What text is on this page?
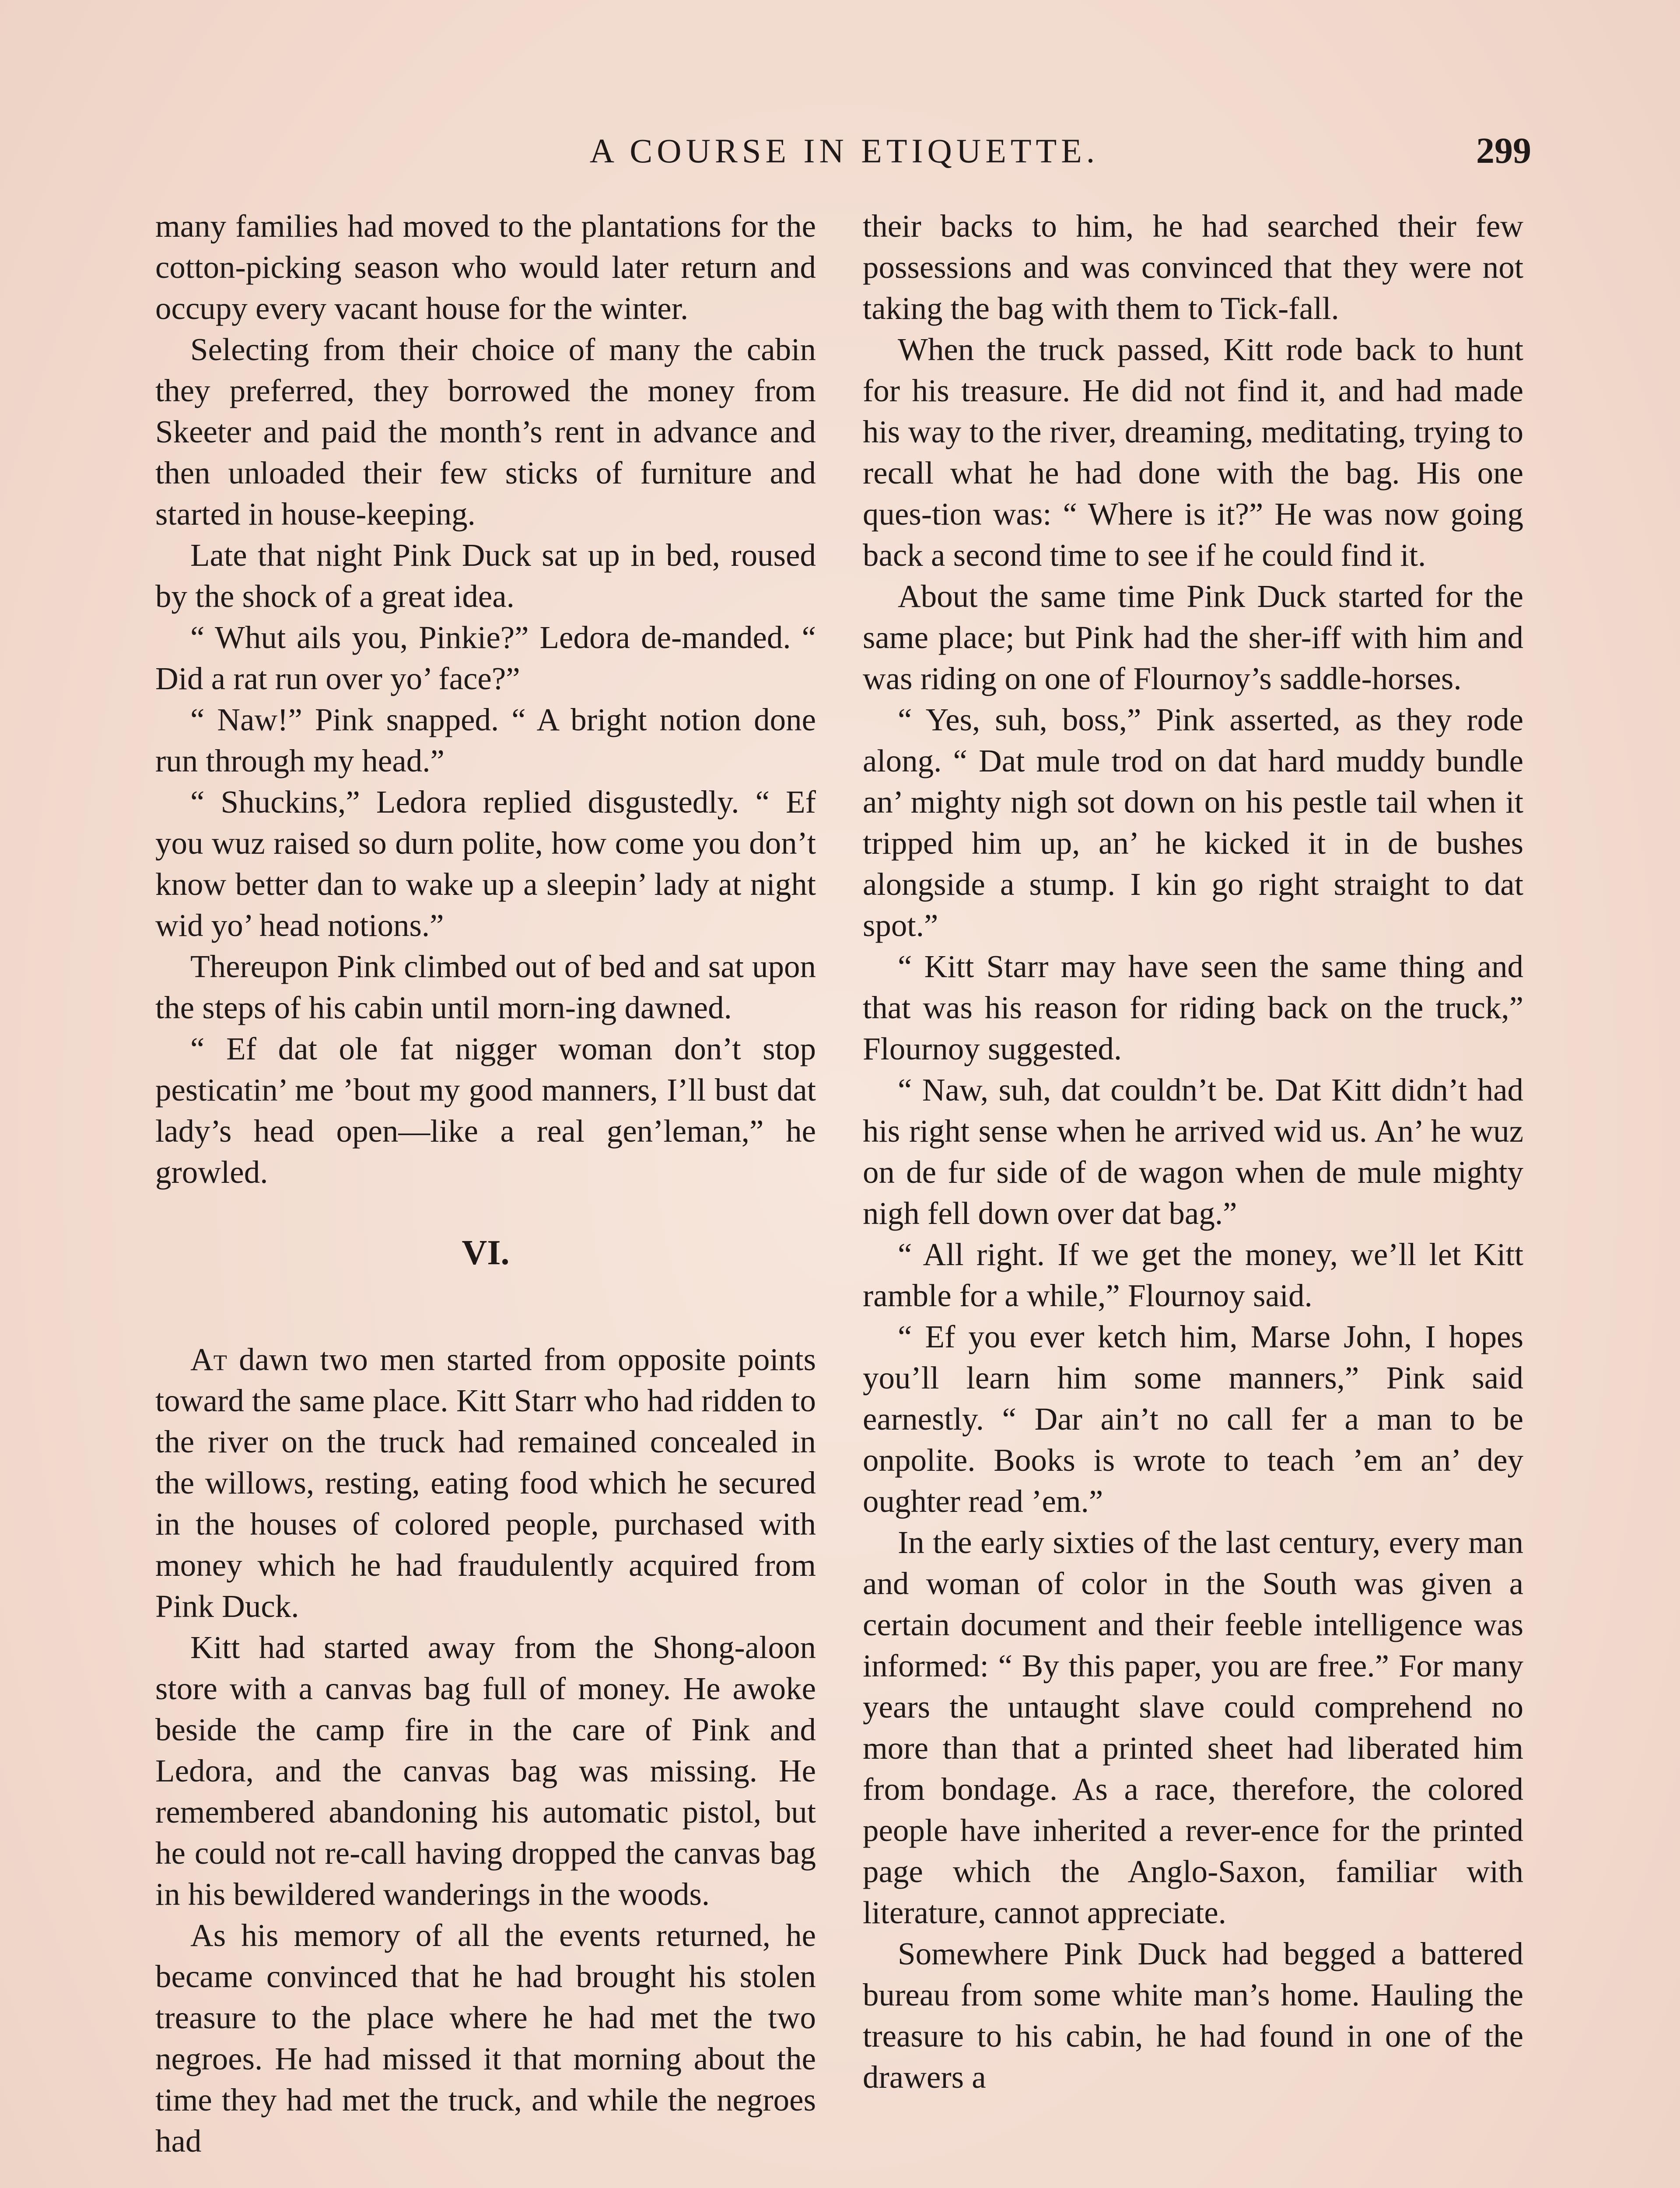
A COURSE IN ETIQUETTE.	299

many families had moved to the plantations for the cotton-picking season who would later return and occupy every vacant house for the winter.

Selecting from their choice of many the cabin they preferred, they borrowed the money from Skeeter and paid the month’s rent in advance and then unloaded their few sticks of furniture and started in house-keeping.

Late that night Pink Duck sat up in bed, roused by the shock of a great idea.

“ Whut ails you, Pinkie?” Ledora de-manded. “ Did a rat run over yo’ face?”

“ Naw!” Pink snapped. “ A bright notion done run through my head.”

“ Shuckins,” Ledora replied disgustedly. “ Ef you wuz raised so durn polite, how come you don’t know better dan to wake up a sleepin’ lady at night wid yo’ head notions.”

Thereupon Pink climbed out of bed and sat upon the steps of his cabin until morn-ing dawned.

“ Ef dat ole fat nigger woman don’t stop pesticatin’ me ’bout my good manners, I’ll bust dat lady’s head open—like a real gen’leman,” he growled.

VI.

At dawn two men started from opposite points toward the same place. Kitt Starr who had ridden to the river on the truck had remained concealed in the willows, resting, eating food which he secured in the houses of colored people, purchased with money which he had fraudulently acquired from Pink Duck.

Kitt had started away from the Shong-aloon store with a canvas bag full of money. He awoke beside the camp fire in the care of Pink and Ledora, and the canvas bag was missing. He remembered abandoning his automatic pistol, but he could not re-call having dropped the canvas bag in his bewildered wanderings in the woods.

As his memory of all the events returned, he became convinced that he had brought his stolen treasure to the place where he had met the two negroes. He had missed it that morning about the time they had met the truck, and while the negroes had

their backs to him, he had searched their few possessions and was convinced that they were not taking the bag with them to Tick-fall.

When the truck passed, Kitt rode back to hunt for his treasure. He did not find it, and had made his way to the river, dreaming, meditating, trying to recall what he had done with the bag. His one ques-tion was: “ Where is it?” He was now going back a second time to see if he could find it.

About the same time Pink Duck started for the same place; but Pink had the sher-iff with him and was riding on one of Flournoy’s saddle-horses.

“ Yes, suh, boss,” Pink asserted, as they rode along. “ Dat mule trod on dat hard muddy bundle an’ mighty nigh sot down on his pestle tail when it tripped him up, an’ he kicked it in de bushes alongside a stump. I kin go right straight to dat spot.”

“ Kitt Starr may have seen the same thing and that was his reason for riding back on the truck,” Flournoy suggested.

“ Naw, suh, dat couldn’t be. Dat Kitt didn’t had his right sense when he arrived wid us. An’ he wuz on de fur side of de wagon when de mule mighty nigh fell down over dat bag.”

“ All right. If we get the money, we’ll let Kitt ramble for a while,” Flournoy said.

“ Ef you ever ketch him, Marse John, I hopes you’ll learn him some manners,” Pink said earnestly. “ Dar ain’t no call fer a man to be onpolite. Books is wrote to teach ’em an’ dey oughter read ’em.”

In the early sixties of the last century, every man and woman of color in the South was given a certain document and their feeble intelligence was informed: “ By this paper, you are free.” For many years the untaught slave could comprehend no more than that a printed sheet had liberated him from bondage. As a race, therefore, the colored people have inherited a rever-ence for the printed page which the Anglo-Saxon, familiar with literature, cannot appreciate.

Somewhere Pink Duck had begged a battered bureau from some white man’s home. Hauling the treasure to his cabin, he had found in one of the drawers a
